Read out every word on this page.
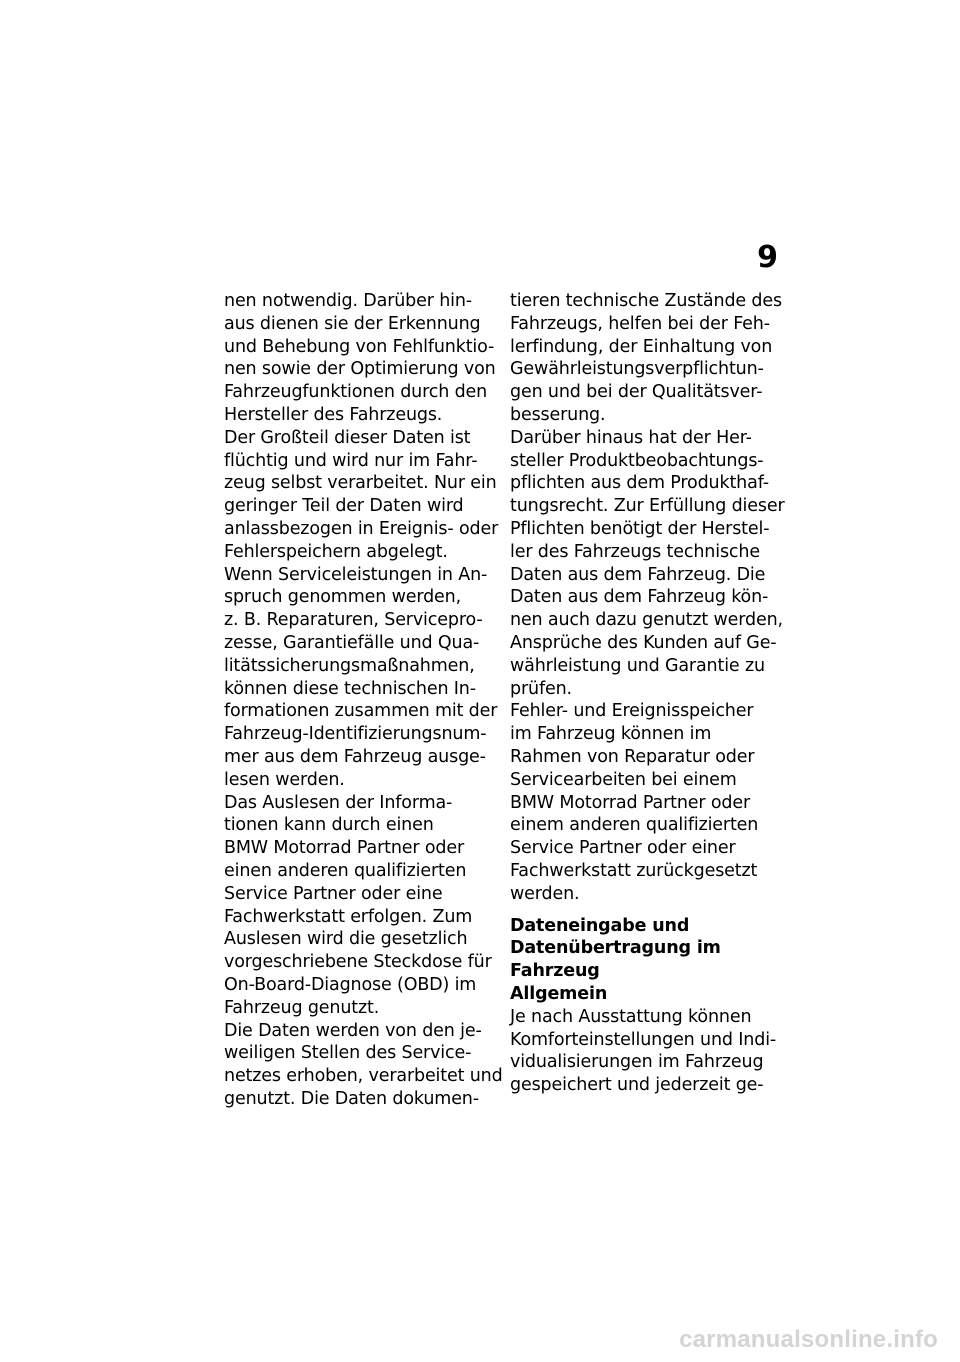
9
nen notwendig. Darüber hin-
aus dienen sie der Erkennung
und Behebung von Fehlfunktio-
nen sowie der Optimierung von
Fahrzeugfunktionen durch den
Hersteller des Fahrzeugs.
Der Großteil dieser Daten ist
flüchtig und wird nur im Fahr-
zeug selbst verarbeitet. Nur ein
geringer Teil der Daten wird
anlassbezogen in Ereignis- oder
Fehlerspeichern abgelegt.
Wenn Serviceleistungen in An-
spruch genommen werden,
z. B. Reparaturen, Servicepro-
zesse, Garantiefälle und Qua-
litätssicherungsmaßnahmen,
können diese technischen In-
formationen zusammen mit der
Fahrzeug-Identifizierungsnum-
mer aus dem Fahrzeug ausge-
lesen werden.
Das Auslesen der Informa-
tionen kann durch einen
BMW Motorrad Partner oder
einen anderen qualifizierten
Service Partner oder eine
Fachwerkstatt erfolgen. Zum
Auslesen wird die gesetzlich
vorgeschriebene Steckdose für
On-Board-Diagnose (OBD) im
Fahrzeug genutzt.
Die Daten werden von den je-
weiligen Stellen des Service-
netzes erhoben, verarbeitet und
genutzt. Die Daten dokumen-
tieren technische Zustände des
Fahrzeugs, helfen bei der Feh-
lerfindung, der Einhaltung von
Gewährleistungsverpflichtun-
gen und bei der Qualitätsver-
besserung.
Darüber hinaus hat der Her-
steller Produktbeobachtungs-
pflichten aus dem Produkthaf-
tungsrecht. Zur Erfüllung dieser
Pflichten benötigt der Herstel-
ler des Fahrzeugs technische
Daten aus dem Fahrzeug. Die
Daten aus dem Fahrzeug kön-
nen auch dazu genutzt werden,
Ansprüche des Kunden auf Ge-
währleistung und Garantie zu
prüfen.
Fehler- und Ereignisspeicher
im Fahrzeug können im
Rahmen von Reparatur oder
Servicearbeiten bei einem
BMW Motorrad Partner oder
einem anderen qualifizierten
Service Partner oder einer
Fachwerkstatt zurückgesetzt
werden.
Dateneingabe und
Datenübertragung im
Fahrzeug
Allgemein
Je nach Ausstattung können
Komforteinstellungen und Indi-
vidualisierungen im Fahrzeug
gespeichert und jederzeit ge-
carmanualsonline.info
